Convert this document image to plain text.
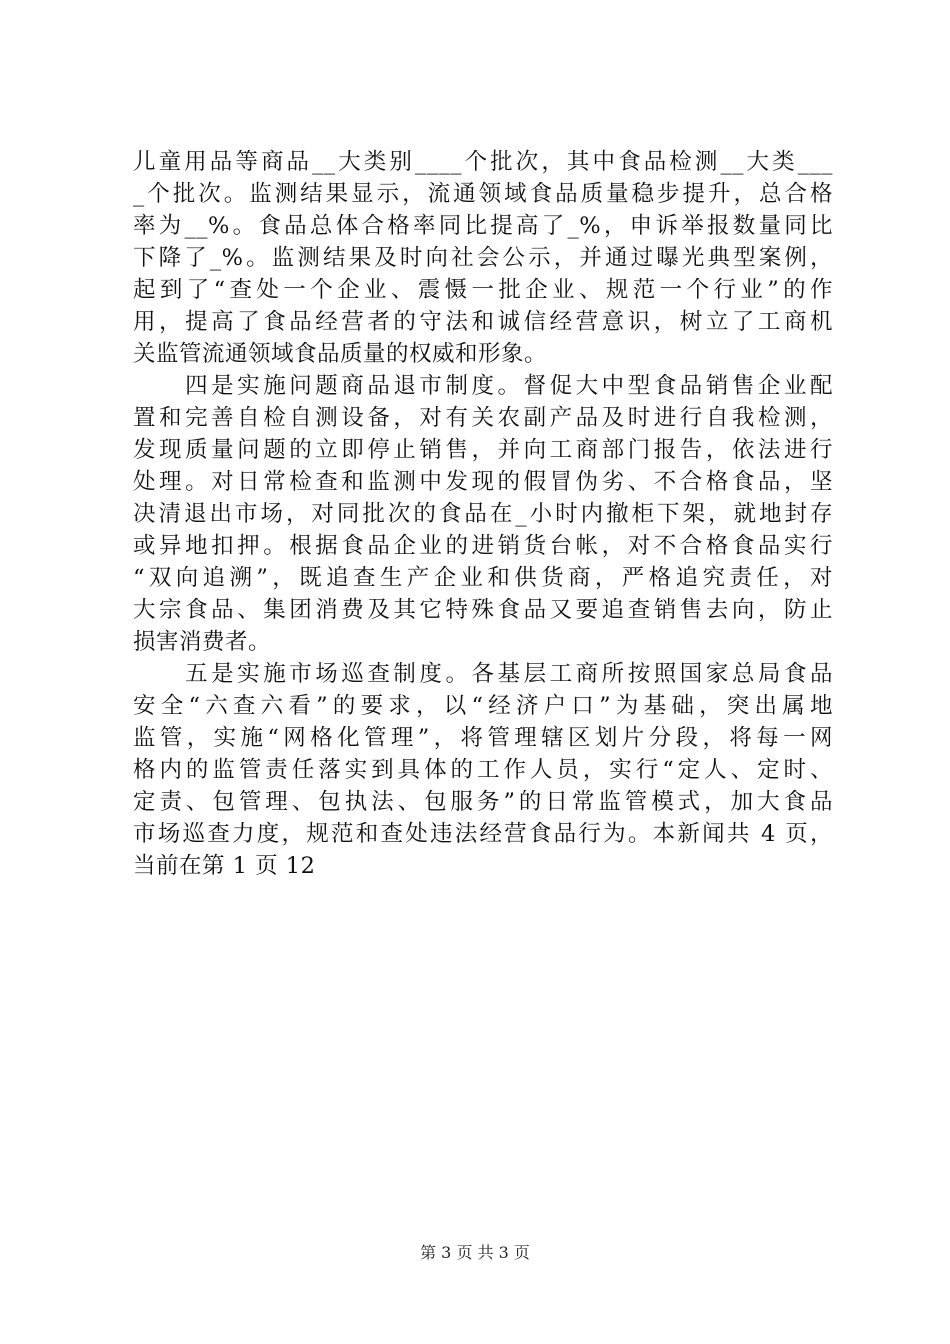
儿童用品等商品__大类别____个批次，其中食品检测__大类___
_个批次。监测结果显示，流通领域食品质量稳步提升，总合格
率为__%。食品总体合格率同比提高了_%，申诉举报数量同比
下降了_%。监测结果及时向社会公示，并通过曝光典型案例，
起到了“查处一个企业、震慑一批企业、规范一个行业”的作
用，提高了食品经营者的守法和诚信经营意识，树立了工商机
关监管流通领域食品质量的权威和形象。
　　四是实施问题商品退市制度。督促大中型食品销售企业配
置和完善自检自测设备，对有关农副产品及时进行自我检测，
发现质量问题的立即停止销售，并向工商部门报告，依法进行
处理。对日常检查和监测中发现的假冒伪劣、不合格食品，坚
决清退出市场，对同批次的食品在_小时内撤柜下架，就地封存
或异地扣押。根据食品企业的进销货台帐，对不合格食品实行
“双向追溯”，既追查生产企业和供货商，严格追究责任，对
大宗食品、集团消费及其它特殊食品又要追查销售去向，防止
损害消费者。
　　五是实施市场巡查制度。各基层工商所按照国家总局食品
安全“六查六看”的要求，以“经济户口”为基础，突出属地
监管，实施“网格化管理”，将管理辖区划片分段，将每一网
格内的监管责任落实到具体的工作人员，实行“定人、定时、
定责、包管理、包执法、包服务”的日常监管模式，加大食品
市场巡查力度，规范和查处违法经营食品行为。本新闻共 4 页，
当前在第 1 页 12
第 3 页 共 3 页
